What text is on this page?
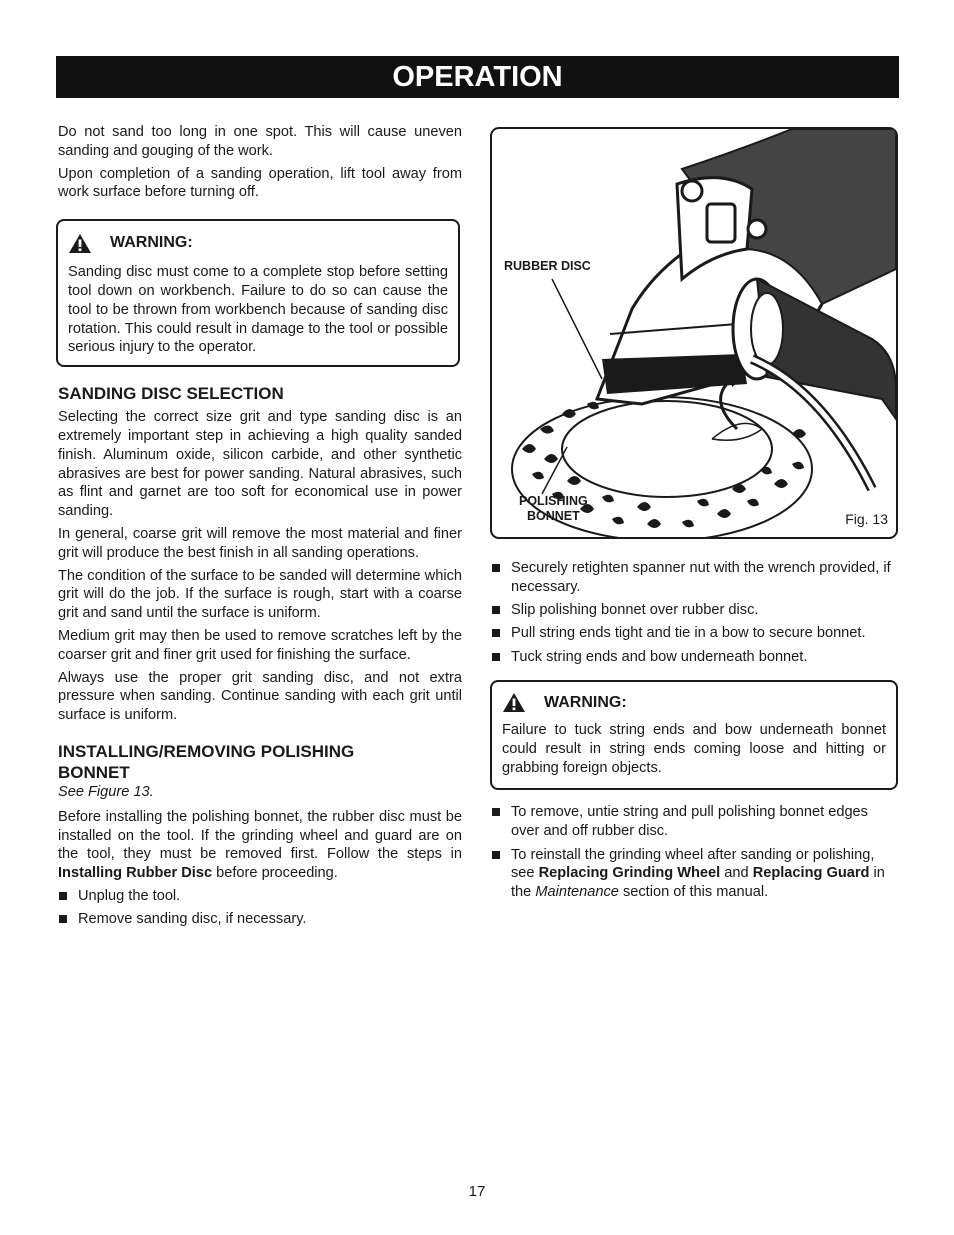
OPERATION

Do not sand too long in one spot. This will cause uneven sanding and gouging of the work.

Upon completion of a sanding operation, lift tool away from work surface before turning off.

WARNING:

Sanding disc must come to a complete stop before setting tool down on workbench. Failure to do so can cause the tool to be thrown from workbench because of sanding disc rotation. This could result in damage to the tool or possible serious injury to the operator.

SANDING DISC SELECTION

Selecting the correct size grit and type sanding disc is an extremely important step in achieving a high quality sanded finish. Aluminum oxide, silicon carbide, and other synthetic abrasives are best for power sanding. Natural abrasives, such as flint and garnet are too soft for economical use in power sanding.

In general, coarse grit will remove the most material and finer grit will produce the best finish in all sanding operations.

The condition of the surface to be sanded will determine which grit will do the job. If the surface is rough, start with a coarse grit and sand until the surface is uniform.

Medium grit may then be used to remove scratches left by the coarser grit and finer grit used for finishing the surface.

Always use the proper grit sanding disc, and not extra pressure when sanding. Continue sanding with each grit until surface is uniform.

INSTALLING/REMOVING POLISHING BONNET
See Figure 13.

Before installing the polishing bonnet, the rubber disc must be installed on the tool. If the grinding wheel and guard are on the tool, they must be removed first. Follow the steps in Installing Rubber Disc before proceeding.

Unplug the tool.
Remove sanding disc, if necessary.
RUBBER DISC
POLISHING
BONNET	Fig. 13
Securely retighten spanner nut with the wrench provided, if necessary.
Slip polishing bonnet over rubber disc.
Pull string ends tight and tie in a bow to secure bonnet.
Tuck string ends and bow underneath bonnet.
WARNING:

Failure to tuck string ends and bow underneath bonnet could result in string ends coming loose and hitting or grabbing foreign objects.

To remove, untie string and pull polishing bonnet edges over and off rubber disc.
To reinstall the grinding wheel after sanding or polishing, see Replacing Grinding Wheel and Replacing Guard in the Maintenance section of this manual.
17
